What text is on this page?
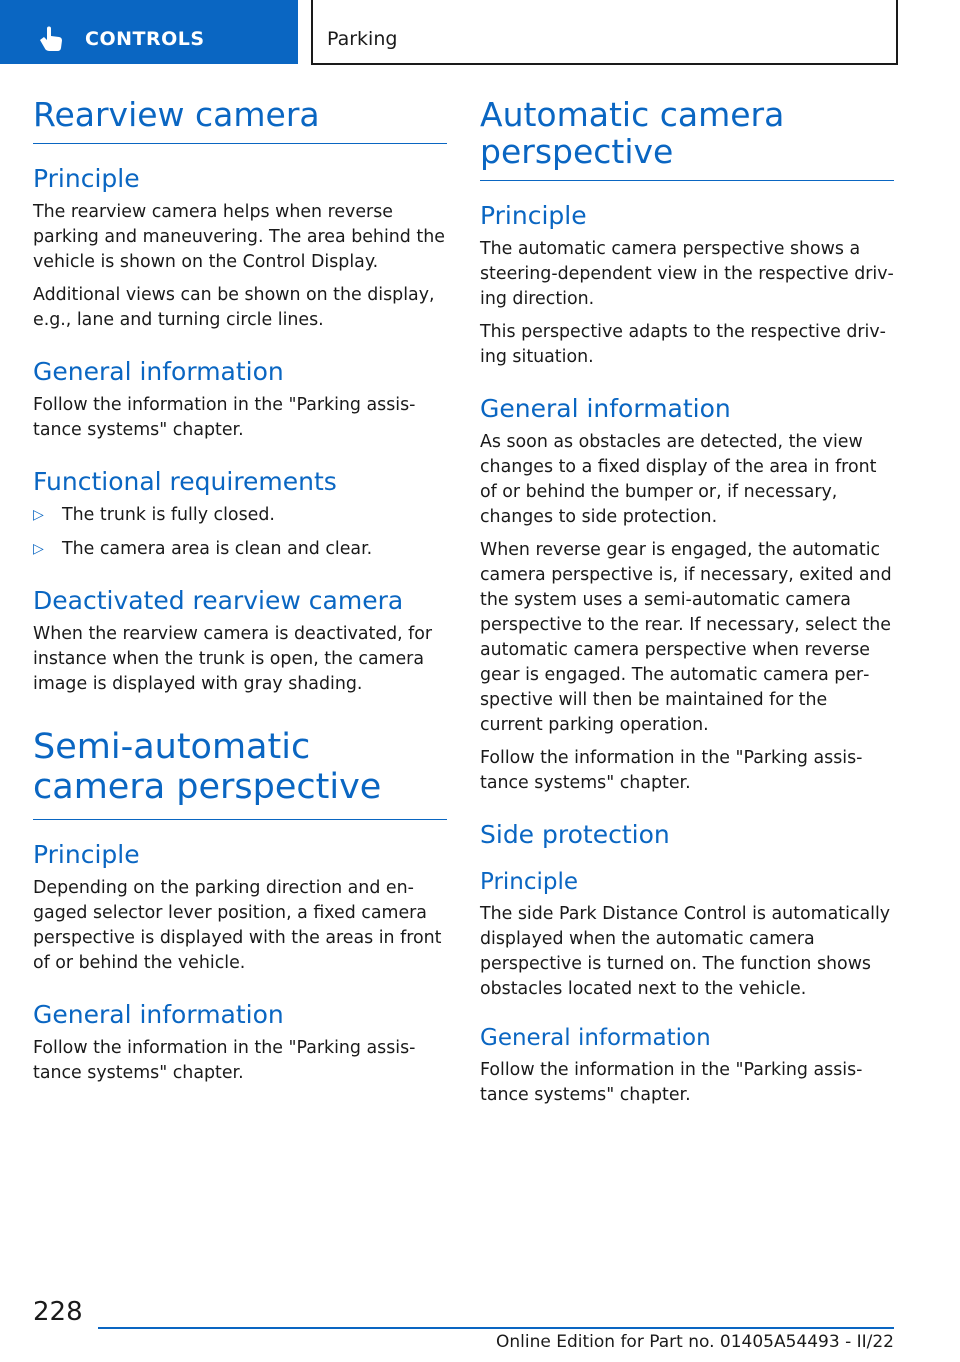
CONTROLS	Parking
Rearview camera
Principle

The rearview camera helps when reverse parking and maneuvering. The area behind the vehicle is shown on the Control Display.

Additional views can be shown on the display, e.g., lane and turning circle lines.

General information

Follow the information in the "Parking assistance systems" chapter.

Functional requirements
▷ The trunk is fully closed.
▷ The camera area is clean and clear.
Deactivated rearview camera

When the rearview camera is deactivated, for instance when the trunk is open, the camera image is displayed with gray shading.

Semi-automatic camera perspective
Principle

Depending on the parking direction and engaged selector lever position, a fixed camera perspective is displayed with the areas in front of or behind the vehicle.

General information

Follow the information in the "Parking assistance systems" chapter.

Automatic camera perspective
Principle

The automatic camera perspective shows a steering-dependent view in the respective driving direction.

This perspective adapts to the respective driving situation.

General information

As soon as obstacles are detected, the view changes to a fixed display of the area in front of or behind the bumper or, if necessary, changes to side protection.

When reverse gear is engaged, the automatic camera perspective is, if necessary, exited and the system uses a semi-automatic camera perspective to the rear. If necessary, select the automatic camera perspective when reverse gear is engaged. The automatic camera perspective will then be maintained for the current parking operation.

Follow the information in the "Parking assistance systems" chapter.

Side protection
Principle

The side Park Distance Control is automatically displayed when the automatic camera perspective is turned on. The function shows obstacles located next to the vehicle.

General information

Follow the information in the "Parking assistance systems" chapter.

228
Online Edition for Part no. 01405A54493 - II/22
